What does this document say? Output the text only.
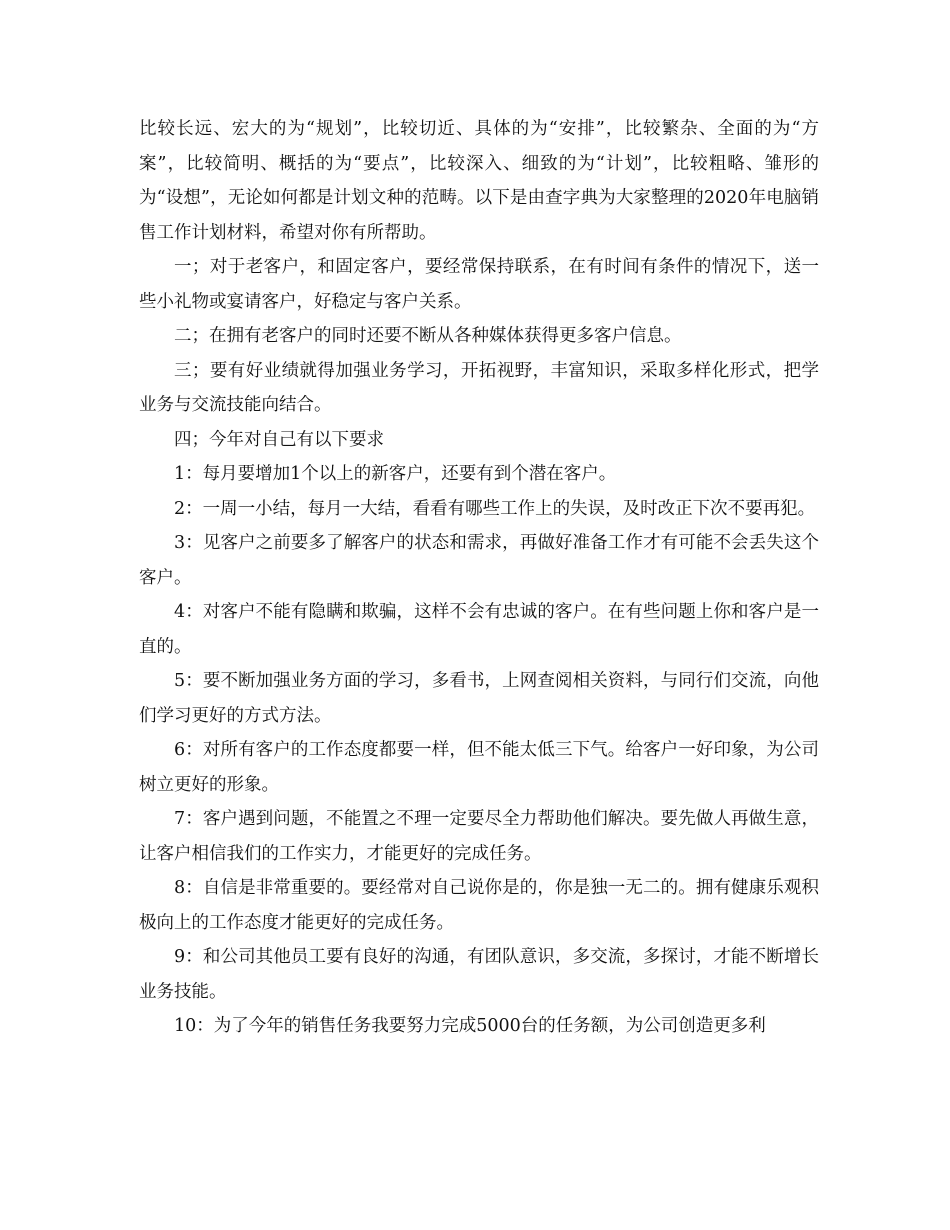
比较长远、宏大的为“规划”，比较切近、具体的为“安排”，比较繁杂、全面的为“方案”，比较简明、概括的为“要点”，比较深入、细致的为“计划”，比较粗略、雏形的为“设想”，无论如何都是计划文种的范畴。以下是由查字典为大家整理的2020年电脑销售工作计划材料，希望对你有所帮助。

一；对于老客户，和固定客户，要经常保持联系，在有时间有条件的情况下，送一些小礼物或宴请客户，好稳定与客户关系。

二；在拥有老客户的同时还要不断从各种媒体获得更多客户信息。

三；要有好业绩就得加强业务学习，开拓视野，丰富知识，采取多样化形式，把学业务与交流技能向结合。

四；今年对自己有以下要求

1：每月要增加1个以上的新客户，还要有到个潜在客户。

2：一周一小结，每月一大结，看看有哪些工作上的失误，及时改正下次不要再犯。

3：见客户之前要多了解客户的状态和需求，再做好准备工作才有可能不会丢失这个客户。

4：对客户不能有隐瞒和欺骗，这样不会有忠诚的客户。在有些问题上你和客户是一直的。

5：要不断加强业务方面的学习，多看书，上网查阅相关资料，与同行们交流，向他们学习更好的方式方法。

6：对所有客户的工作态度都要一样，但不能太低三下气。给客户一好印象，为公司树立更好的形象。

7：客户遇到问题，不能置之不理一定要尽全力帮助他们解决。要先做人再做生意，让客户相信我们的工作实力，才能更好的完成任务。

8：自信是非常重要的。要经常对自己说你是的，你是独一无二的。拥有健康乐观积极向上的工作态度才能更好的完成任务。

9：和公司其他员工要有良好的沟通，有团队意识，多交流，多探讨，才能不断增长业务技能。

10：为了今年的销售任务我要努力完成5000台的任务额，为公司创造更多利
